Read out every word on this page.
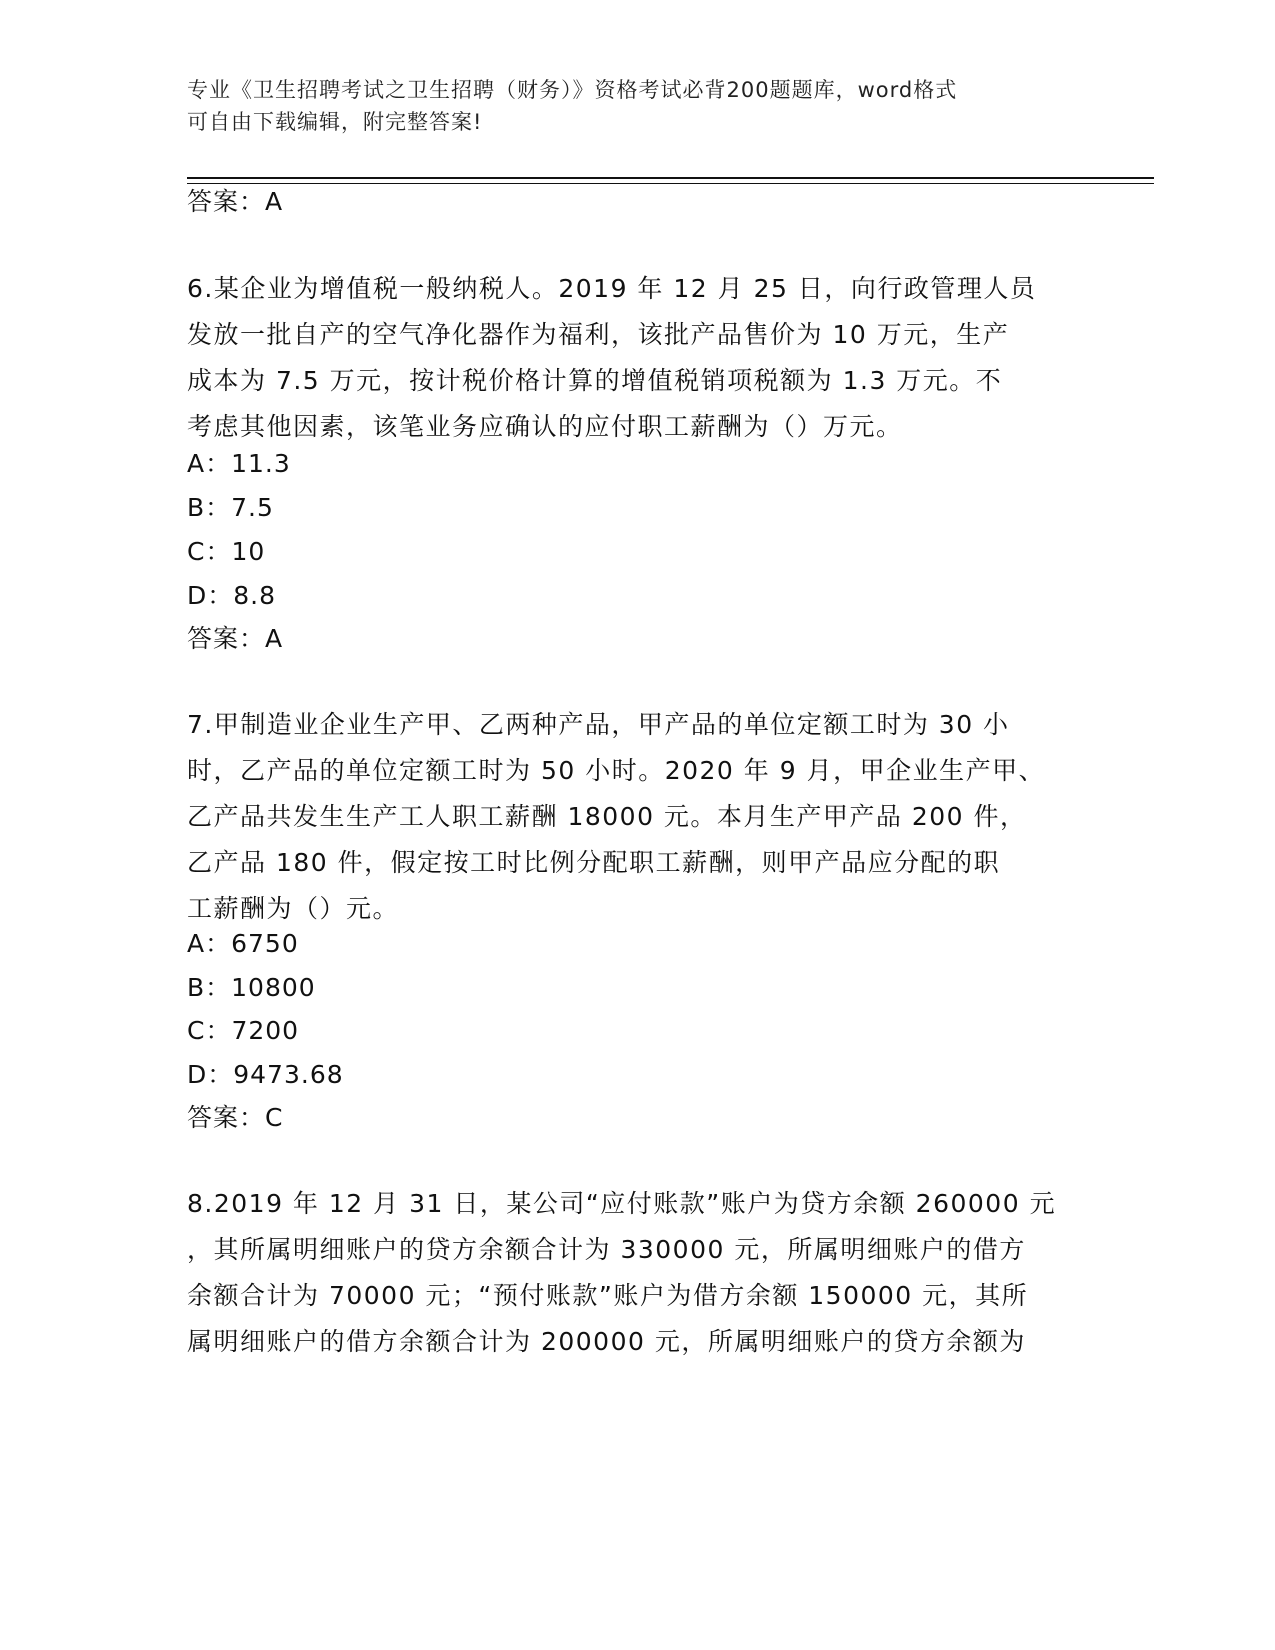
专业《卫生招聘考试之卫生招聘（财务）》资格考试必背200题题库，word格式
可自由下载编辑，附完整答案!
答案：A
6.某企业为增值税一般纳税人。2019 年 12 月 25 日，向行政管理人员
发放一批自产的空气净化器作为福利，该批产品售价为 10 万元，生产
成本为 7.5 万元，按计税价格计算的增值税销项税额为 1.3 万元。不
考虑其他因素，该笔业务应确认的应付职工薪酬为（）万元。
A：11.3
B：7.5
C：10
D：8.8
答案：A
7.甲制造业企业生产甲、乙两种产品，甲产品的单位定额工时为 30 小
时，乙产品的单位定额工时为 50 小时。2020 年 9 月，甲企业生产甲、
乙产品共发生生产工人职工薪酬 18000 元。本月生产甲产品 200 件，
乙产品 180 件，假定按工时比例分配职工薪酬，则甲产品应分配的职
工薪酬为（）元。
A：6750
B：10800
C：7200
D：9473.68
答案：C
8.2019 年 12 月 31 日，某公司“应付账款”账户为贷方余额 260000 元
，其所属明细账户的贷方余额合计为 330000 元，所属明细账户的借方
余额合计为 70000 元；“预付账款”账户为借方余额 150000 元，其所
属明细账户的借方余额合计为 200000 元，所属明细账户的贷方余额为
